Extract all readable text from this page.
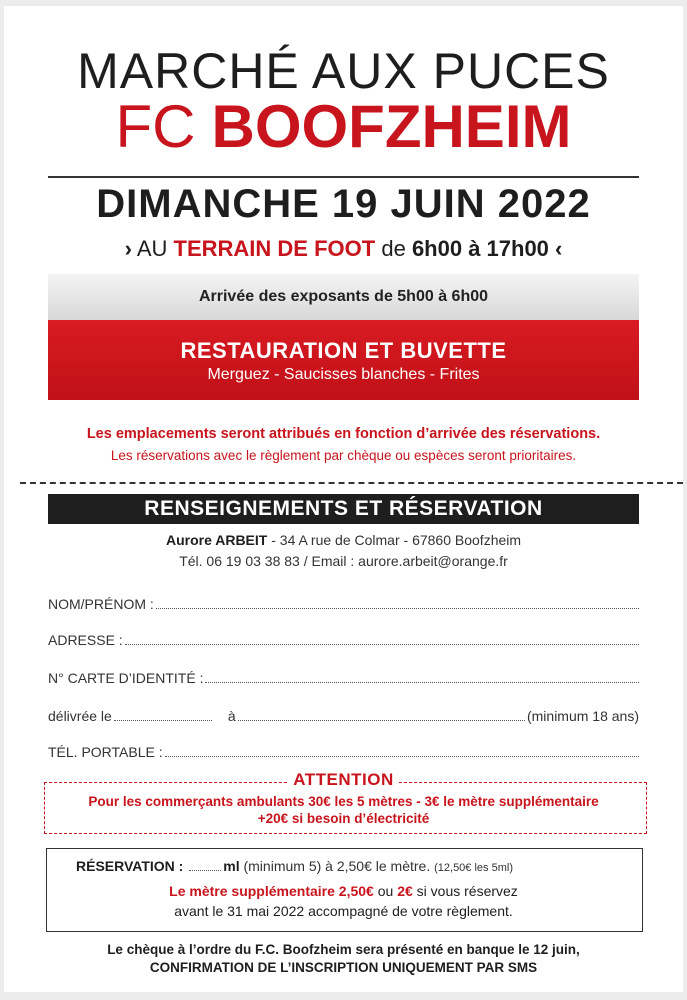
MARCHÉ AUX PUCES
FC BOOFZHEIM
DIMANCHE 19 JUIN 2022
› AU TERRAIN DE FOOT de 6h00 à 17h00 ‹
Arrivée des exposants de 5h00 à 6h00
RESTAURATION ET BUVETTE
Merguez - Saucisses blanches - Frites
Les emplacements seront attribués en fonction d’arrivée des réservations.
Les réservations avec le règlement par chèque ou espèces seront prioritaires.
RENSEIGNEMENTS ET RÉSERVATION
Aurore ARBEIT - 34 A rue de Colmar - 67860 Boofzheim
Tél. 06 19 03 38 83 / Email : aurore.arbeit@orange.fr
NOM/PRÉNOM :
ADRESSE :
N° CARTE D’IDENTITÉ :
délivrée le	à	(minimum 18 ans)
TÉL. PORTABLE :
ATTENTION
Pour les commerçants ambulants 30€ les 5 mètres - 3€ le mètre supplémentaire
+20€ si besoin d’électricité
RÉSERVATION :	ml (minimum 5) à 2,50€ le mètre. (12,50€ les 5ml)
Le mètre supplémentaire 2,50€ ou 2€ si vous réservez
avant le 31 mai 2022 accompagné de votre règlement.
Le chèque à l’ordre du F.C. Boofzheim sera présenté en banque le 12 juin,
CONFIRMATION DE L’INSCRIPTION UNIQUEMENT PAR SMS
